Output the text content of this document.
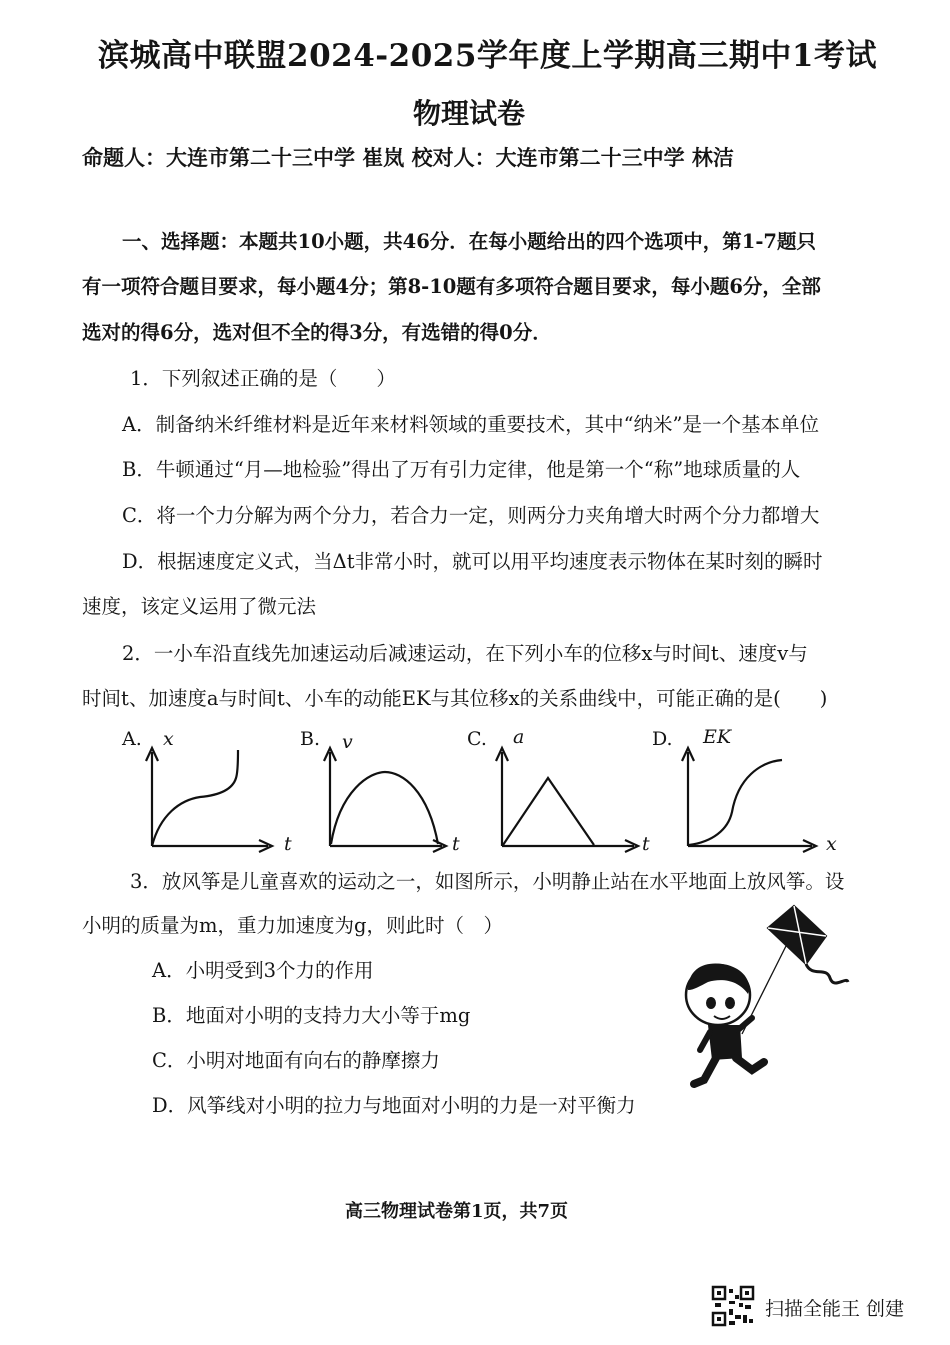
滨城高中联盟2024-2025学年度上学期高三期中1考试
物理试卷
命题人：大连市第二十三中学 崔岚 校对人：大连市第二十三中学 林洁
一、选择题：本题共10小题，共46分．在每小题给出的四个选项中，第1-7题只
有一项符合题目要求，每小题4分；第8-10题有多项符合题目要求，每小题6分，全部
选对的得6分，选对但不全的得3分，有选错的得0分．
1．下列叙述正确的是（　　）
A．制备纳米纤维材料是近年来材料领域的重要技术，其中“纳米”是一个基本单位
B．牛顿通过“月—地检验”得出了万有引力定律，他是第一个“称”地球质量的人
C．将一个力分解为两个分力，若合力一定，则两分力夹角增大时两个分力都增大
D．根据速度定义式，当Δt非常小时，就可以用平均速度表示物体在某时刻的瞬时
速度，该定义运用了微元法
2．一小车沿直线先加速运动后减速运动，在下列小车的位移x与时间t、速度v与
时间t、加速度a与时间t、小车的动能EK与其位移x的关系曲线中，可能正确的是(　　)
A. x
t
B. v
t
C. a
t
D. EK
x
3．放风筝是儿童喜欢的运动之一，如图所示，小明静止站在水平地面上放风筝。设
小明的质量为m，重力加速度为g，则此时（　）
A．小明受到3个力的作用
B．地面对小明的支持力大小等于mg
C．小明对地面有向右的静摩擦力
D．风筝线对小明的拉力与地面对小明的力是一对平衡力
高三物理试卷第1页，共7页
扫描全能王 创建
